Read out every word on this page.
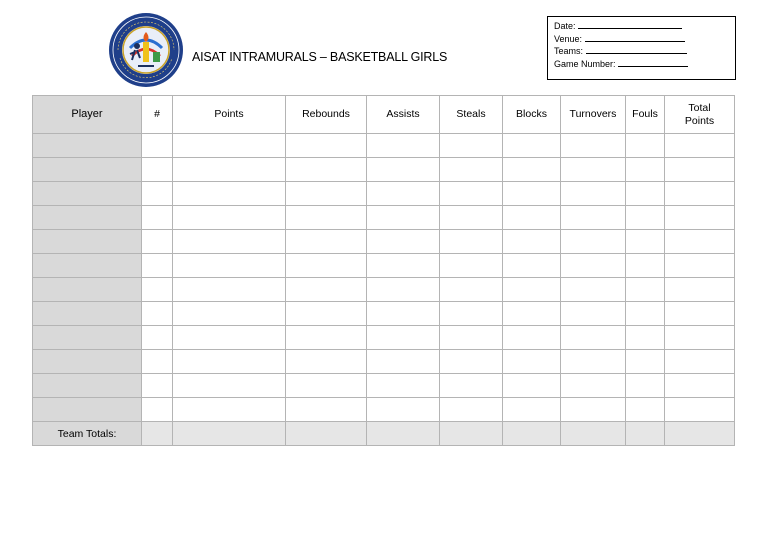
AISAT INTRAMURALS – BASKETBALL GIRLS
Date:
Venue:
Teams:
Game Number:
Player	#	Points	Rebounds	Assists	Steals	Blocks	Turnovers	Fouls	Total Points

Team Totals:									
